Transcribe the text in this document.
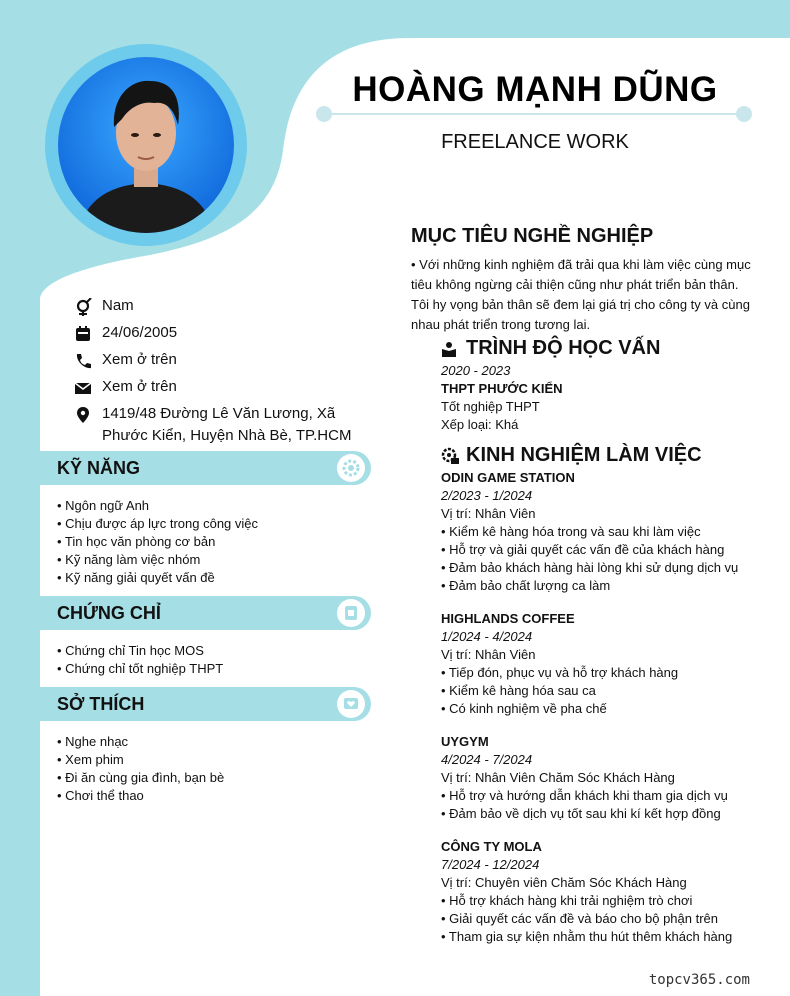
HOÀNG MẠNH DŨNG
FREELANCE WORK
Nam
24/06/2005
Xem ở trên
Xem ở trên
1419/48 Đường Lê Văn Lương, Xã Phước Kiển, Huyện Nhà Bè, TP.HCM
KỸ NĂNG
• Ngôn ngữ Anh
• Chịu được áp lực trong công việc
• Tin học văn phòng cơ bản
• Kỹ năng làm việc nhóm
• Kỹ năng giải quyết vấn đề
CHỨNG CHỈ
• Chứng chỉ Tin học MOS
• Chứng chỉ tốt nghiệp THPT
SỞ THÍCH
• Nghe nhạc
• Xem phim
• Đi ăn cùng gia đình, bạn bè
• Chơi thể thao
MỤC TIÊU NGHỀ NGHIỆP
• Với những kinh nghiệm đã trải qua khi làm việc cùng mục tiêu không ngừng cải thiện cũng như phát triển bản thân. Tôi hy vọng bản thân sẽ đem lại giá trị cho công ty và cùng nhau phát triển trong tương lai.
TRÌNH ĐỘ HỌC VẤN
2020 - 2023
THPT PHƯỚC KIỂN
Tốt nghiệp THPT
Xếp loại: Khá
KINH NGHIỆM LÀM VIỆC
ODIN GAME STATION
2/2023 - 1/2024
Vị trí: Nhân Viên
• Kiểm kê hàng hóa trong và sau khi làm việc
• Hỗ trợ và giải quyết các vấn đề của khách hàng
• Đảm bảo khách hàng hài lòng khi sử dụng dịch vụ
• Đảm bảo chất lượng ca làm
HIGHLANDS COFFEE
1/2024 - 4/2024
Vị trí: Nhân Viên
• Tiếp đón, phục vụ và hỗ trợ khách hàng
• Kiểm kê hàng hóa sau ca
• Có kinh nghiệm về pha chế
UYGYM
4/2024 - 7/2024
Vị trí: Nhân Viên Chăm Sóc Khách Hàng
• Hỗ trợ và hướng dẫn khách khi tham gia dịch vụ
• Đảm bảo về dịch vụ tốt sau khi kí kết hợp đồng
CÔNG TY MOLA
7/2024 - 12/2024
Vị trí: Chuyên viên Chăm Sóc Khách Hàng
• Hỗ trợ khách hàng khi trải nghiệm trò chơi
• Giải quyết các vấn đề và báo cho bộ phận trên
• Tham gia sự kiện nhằm thu hút thêm khách hàng
topcv365.com
